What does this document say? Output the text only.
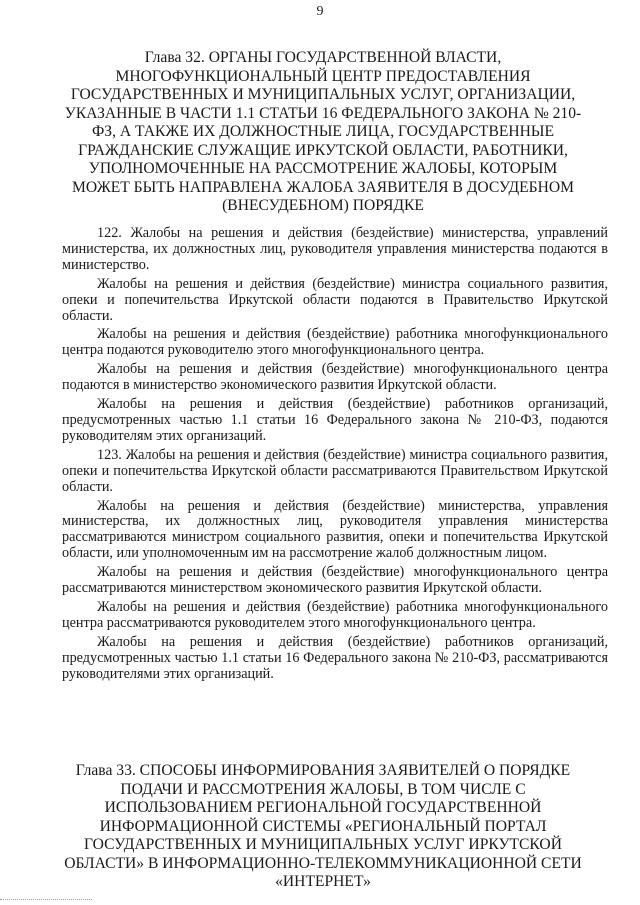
9
Глава 32. ОРГАНЫ ГОСУДАРСТВЕННОЙ ВЛАСТИ, МНОГОФУНКЦИОНАЛЬНЫЙ ЦЕНТР ПРЕДОСТАВЛЕНИЯ ГОСУДАРСТВЕННЫХ И МУНИЦИПАЛЬНЫХ УСЛУГ, ОРГАНИЗАЦИИ, УКАЗАННЫЕ В ЧАСТИ 1.1 СТАТЬИ 16 ФЕДЕРАЛЬНОГО ЗАКОНА № 210-ФЗ, А ТАКЖЕ ИХ ДОЛЖНОСТНЫЕ ЛИЦА, ГОСУДАРСТВЕННЫЕ ГРАЖДАНСКИЕ СЛУЖАЩИЕ ИРКУТСКОЙ ОБЛАСТИ, РАБОТНИКИ, УПОЛНОМОЧЕННЫЕ НА РАССМОТРЕНИЕ ЖАЛОБЫ, КОТОРЫМ МОЖЕТ БЫТЬ НАПРАВЛЕНА ЖАЛОБА ЗАЯВИТЕЛЯ В ДОСУДЕБНОМ (ВНЕСУДЕБНОМ) ПОРЯДКЕ

122. Жалобы на решения и действия (бездействие) министерства, управлений министерства, их должностных лиц, руководителя управления министерства подаются в министерство.

Жалобы на решения и действия (бездействие) министра социального развития, опеки и попечительства Иркутской области подаются в Правительство Иркутской области.

Жалобы на решения и действия (бездействие) работника многофункционального центра подаются руководителю этого многофункционального центра.

Жалобы на решения и действия (бездействие) многофункционального центра подаются в министерство экономического развития Иркутской области.

Жалобы на решения и действия (бездействие) работников организаций, предусмотренных частью 1.1 статьи 16 Федерального закона № 210-ФЗ, подаются руководителям этих организаций.

123. Жалобы на решения и действия (бездействие) министра социального развития, опеки и попечительства Иркутской области рассматриваются Правительством Иркутской области.

Жалобы на решения и действия (бездействие) министерства, управления министерства, их должностных лиц, руководителя управления министерства рассматриваются министром социального развития, опеки и попечительства Иркутской области, или уполномоченным им на рассмотрение жалоб должностным лицом.

Жалобы на решения и действия (бездействие) многофункционального центра рассматриваются министерством экономического развития Иркутской области.

Жалобы на решения и действия (бездействие) работника многофункционального центра рассматриваются руководителем этого многофункционального центра.

Жалобы на решения и действия (бездействие) работников организаций, предусмотренных частью 1.1 статьи 16 Федерального закона № 210-ФЗ, рассматриваются руководителями этих организаций.

Глава 33. СПОСОБЫ ИНФОРМИРОВАНИЯ ЗАЯВИТЕЛЕЙ О ПОРЯДКЕ ПОДАЧИ И РАССМОТРЕНИЯ ЖАЛОБЫ, В ТОМ ЧИСЛЕ С ИСПОЛЬЗОВАНИЕМ РЕГИОНАЛЬНОЙ ГОСУДАРСТВЕННОЙ ИНФОРМАЦИОННОЙ СИСТЕМЫ «РЕГИОНАЛЬНЫЙ ПОРТАЛ ГОСУДАРСТВЕННЫХ И МУНИЦИПАЛЬНЫХ УСЛУГ ИРКУТСКОЙ ОБЛАСТИ» В ИНФОРМАЦИОННО-ТЕЛЕКОММУНИКАЦИОННОЙ СЕТИ «ИНТЕРНЕТ»
